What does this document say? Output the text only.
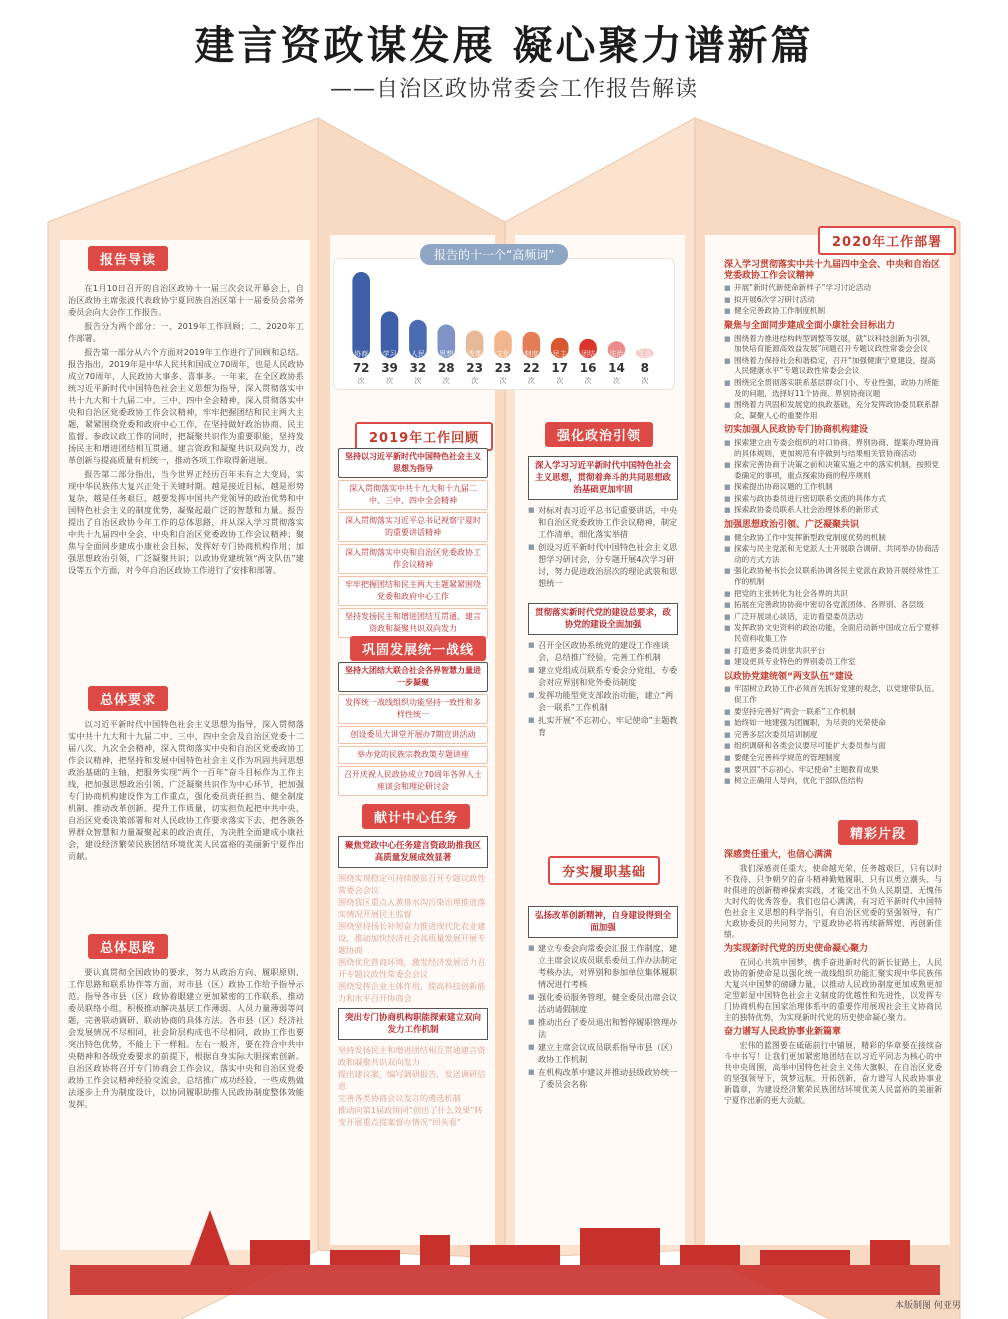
建言资政谋发展 凝心聚力谱新篇
——自治区政协常委会工作报告解读
报告导读

在1月10日召开的自治区政协十一届三次会议开幕会上，自治区政协主席张波代表政协宁夏回族自治区第十一届委员会常务委员会向大会作工作报告。

报告分为两个部分：一、2019年工作回顾；二、2020年工作部署。

报告第一部分从六个方面对2019年工作进行了回顾和总结。报告指出，2019年是中华人民共和国成立70周年，也是人民政协成立70周年，人民政协大事多、喜事多。一年来，在全区政协系统习近平新时代中国特色社会主义思想为指导，深入贯彻落实中共十九大和十九届二中、三中、四中全会精神，深入贯彻落实中央和自治区党委政协工作会议精神，牢牢把握团结和民主两大主题，紧紧围绕党委和政府中心工作，在坚持做好政治协商、民主监督、参政议政工作的同时，把凝聚共识作为重要职能，坚持发扬民主和增进团结相互贯通、建言资政和凝聚共识双向发力，改革创新与提高质量有机统一，推动各项工作取得新进展。

报告第二部分指出，当今世界正经历百年未有之大变局，实现中华民族伟大复兴正处于关键时期。越是接近目标，越是形势复杂，越是任务艰巨，越要发挥中国共产党领导的政治优势和中国特色社会主义的制度优势，凝聚起最广泛的智慧和力量。报告提出了自治区政协今年工作的总体思路，并从深入学习贯彻落实中共十九届四中全会、中央和自治区党委政协工作会议精神；聚焦与全面同步建成小康社会目标，发挥好专门协商机构作用；加强思想政治引领，广泛凝聚共识；以政协党建统领“两支队伍”建设等五个方面，对今年自治区政协工作进行了安排和部署。

总体要求

以习近平新时代中国特色社会主义思想为指导，深入贯彻落实中共十九大和十九届二中、三中、四中全会及自治区党委十二届八次、九次全会精神，深入贯彻落实中央和自治区党委政协工作会议精神，把坚持和发展中国特色社会主义作为巩固共同思想政治基础的主轴，把服务实现“两个一百年”奋斗目标作为工作主线，把加强思想政治引领、广泛凝聚共识作为中心环节，把加强专门协商机构建设作为工作重点，强化委员责任担当、健全制度机制、推动改革创新、提升工作质量，切实担负起把中共中央、自治区党委决策部署和对人民政协工作要求落实下去、把各族各界群众智慧和力量凝聚起来的政治责任，为决胜全面建成小康社会，建设经济繁荣民族团结环境优美人民富裕的美丽新宁夏作出贡献。

总体思路

要认真贯彻全国政协的要求，努力从政治方向、履职原则、工作思路和联系协作等方面，对市县（区）政协工作给予指导示范。指导各市县（区）政协着眼建立更加紧密的工作联系，推动委员联络小组，积极推动解决基层工作薄弱、人员力量薄弱等问题，完善联动调研、联动协商的具体方法。各市县（区）经济社会发展情况不尽相同，社会阶层构成也不尽相同，政协工作也要突出特色优势，不能上下一样粗。左右一般齐，要在符合中共中央精神和各级党委要求的前提下，根据自身实际大胆探索创新。自治区政协将召开专门协商会工作会议，落实中央和自治区党委政协工作会议精神经验交流会，总结推广成功经验，一些成熟做法逐步上升为制度设计，以协同履职助推人民政协制度整体效能发挥。

报告的十一个“高频词”
协商
72
次
学习
39
次
人民
32
次
思想
28
次
改革
23
次
文化
23
次
制度
22
次
民主
17
次
团结
16
次
法治
14
次
生态
8
次
2019年工作回顾
坚持以习近平新时代中国特色社会主义思想为指导
深入贯彻落实中共十九大和十九届二中、三中、四中全会精神
深入贯彻落实习近平总书记视察宁夏时的重要讲话精神
深入贯彻落实中央和自治区党委政协工作会议精神
牢牢把握团结和民主两大主题紧紧围绕党委和政府中心工作
坚持发扬民主和增进团结互贯通、建言资政和凝聚共识双向发力
巩固发展统一战线
坚持大团结大联合社会各界智慧力量进一步凝聚
发挥统一战线组织功能坚持一致性和多样性统一
创设委员大讲堂开展办7期宣讲活动
举办党的民族宗教政策专题讲座
召开庆祝人民政协成立70周年各界人士座谈会和理论研讨会
献计中心任务
聚焦党政中心任务建言资政助推我区高质量发展成效显著
围绕实现稳定可持续脱贫召开专题议政性常委会会议
围绕我区重点入黄排水沟污染治理推进落实情况开展民主监督
围绕坚持扬长补短奋力推进现代化农业建设，推动加快经济社会高质量发展开展专题协商
围绕优化营商环境，激发经济发展活力召开专题议政性常委会会议
围绕发挥企业主体作用，提高科技创新能力和水平召开协商会
突出专门协商机构职能探索建立双向发力工作机制
坚持发扬民主和增进团结相互贯通建言资政和凝聚共识双向发力
提出建议案，编写调研报告，发送调研信息
完善各类协商会议发言的遴选机制
推动向第1届政协同“创出了什么效果”转变开展重点提案督办情况“回头看”
强化政治引领
深入学习习近平新时代中国特色社会主义思想，贯彻着奔斗的共同思想政治基础更加牢固
■ 对标对表习近平总书记重要讲话，中央和自治区党委政协工作会议精神，制定工作清单，细化落实举措
■ 创设习近平新时代中国特色社会主义思想学习研讨会，分专题开展4次学习研讨，努力促进政治层次的理论武装和思想统一
贯彻落实新时代党的建设总要求，政协党的建设全面加强
■ 召开全区政协系统党的建设工作座谈会，总结推广经验，完善工作机制
■ 建立党组成员联系专委会分党组、专委会对应界别和党外委员制度
■ 发挥功能型党支部政治功能，建立“两会一联系”工作机制
■ 扎实开展“不忘初心、牢记使命”主题教育
夯实履职基础
弘扬改革创新精神，自身建设得到全面加强
■ 建立专委会向常委会汇报工作制度，建立主席会议成员联系委员工作办法制定考核办法，对界别和参加单位集体履职情况进行考核
■ 强化委员服务管理，健全委员出席会议活动请假制度
■ 推动出台了委员退出和暂停履职管理办法
■ 建立主席会议成员联系指导市县（区）政协工作机制
■ 在机构改革中建议并推动县级政协统一了委员会名称
2020年工作部署
深入学习贯彻落实中共十九届四中全会、中央和自治区党委政协工作会议精神
■ 开展“新时代新使命新样子”学习讨论活动
■ 拟开展6次学习研讨活动
■ 健全完善政协工作制度机制
聚焦与全面同步建成全面小康社会目标出力
■ 围绕着力推进结构转型调整等发展，就“以科技创新为引领，加快培育能源高效益发展”问题召开专题议政性常委会会议
■ 围绕着力保持社会和谐稳定，召开“加强健康宁夏建设，提高人民健康水平”专题议政性常委会会议
■ 围绕完全贯彻落实联系基层群众门小、专业性强，政协力所能及的问题，选择好11个协商、界别协商议题
■ 围绕着力巩固和发展党的执政基础，充分发挥政协委员联系群众、凝聚人心的重要作用
切实加强人民政协专门协商机构建设
■ 探索建立由专委会组织的对口协商、界别协商、提案办理协商的具体规则，更加规范有序做到与结果相关管协商活动
■ 探索完善协商于决策之前和决策实施之中的落实机制，按照党委确定的事项，重点探索协商的程序规则
■ 探索提出协商议题的工作机制
■ 探索与政协委员进行密切联系交流的具体方式
■ 探索政协委员联系人社会治理体系的新形式
加强思想政治引领、广泛凝聚共识
■ 健全政协工作中发挥新型政党制度优势的机制
■ 探索与民主党派和无党派人士开展联合调研、共同举办协商活动的方式方法
■ 强化政协秘书长会议联系协调各民主党派在政协开展经常性工作的机制
■ 把党的主张转化为社会各界的共识
■ 拓展在完善政协协商中密切各党派团体、各界别、各层级
■ 广泛开展谈心谈话，走访看望委员活动
■ 发挥政协文史资料的政治功能，全面启动新中国成立后宁夏移民资料收集工作
■ 打造更多委员讲堂共识平台
■ 建设更具专业特色的界别委员工作室
以政协党建统领“两支队伍”建设
■ 牢固树立政协工作必须首先抓好党建的观念，以党建带队伍、促工作
■ 要坚持完善好“两会一联系”工作机制
■ 始终如一地建强为团履职，为尽责的光荣使命
■ 完善多层次委员培训制度
■ 组织调研和各类会议要尽可能扩大委员参与面
■ 要健全完善科学规范的管理制度
■ 要巩固“不忘初心、牢记使命”主题教育成果
■ 树立正确用人导向，优化干部队伍结构
精彩片段
深感责任重大，也信心满满

我们深感责任重大，使命越光荣，任务越艰巨，只有以时不我待、只争朝夕的奋斗精神勤勉履职，只有以勇立潮头、与时俱进的创新精神探索实践，才能交出不负人民期望、无愧伟大时代的优秀答卷。我们也信心满满，有习近平新时代中国特色社会主义思想的科学指引，有自治区党委的坚强领导，有广大政协委员的共同努力，宁夏政协必将再续新辉煌、再创新佳绩。

为实现新时代党的历史使命凝心聚力

在同心共筑中国梦，携手奋进新时代的新长征路上，人民政协的新使命是以强化统一战线组织功能汇聚实现中华民族伟大复兴中国梦的磅礴力量，以推动人民政协制度更加成熟更加定型彰显中国特色社会主义制度的优越性和先进性，以发挥专门协商机构在国家治理体系中的重要作用展现社会主义协商民主的独特优势，为实现新时代党的历史使命凝心聚力。

奋力谱写人民政协事业新篇章

宏伟的蓝图要在砥砺前行中铺展，精彩的华章要在接续奋斗中书写！让我们更加紧密地团结在以习近平同志为核心的中共中央周围，高举中国特色社会主义伟大旗帜，在自治区党委的坚强领导下，筑梦远航，开拓创新，奋力谱写人民政协事业新篇章，为建设经济繁荣民族团结环境优美人民富裕的美丽新宁夏作出新的更大贡献。

本版制图 何亚男
